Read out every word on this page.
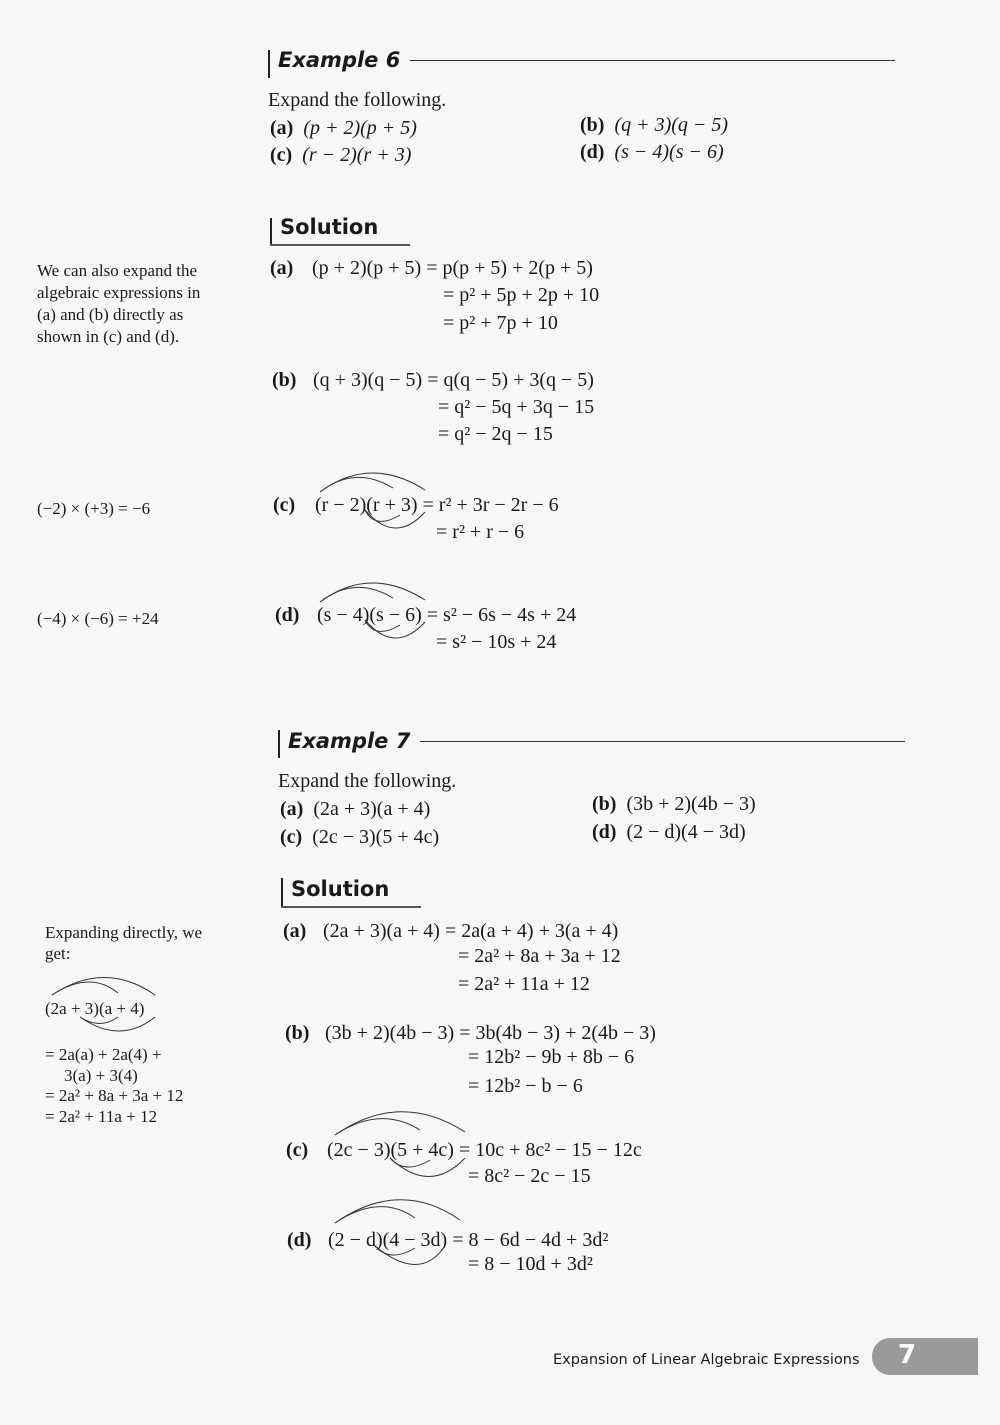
Example 6
Expand the following.
(a) (p + 2)(p + 5)	(b) (q + 3)(q − 5)
(c) (r − 2)(r + 3)	(d) (s − 4)(s − 6)
Solution
We can also expand the
algebraic expressions in
(a) and (b) directly as
shown in (c) and (d).
(a) (p + 2)(p + 5) = p(p + 5) + 2(p + 5)
= p² + 5p + 2p + 10
= p² + 7p + 10
(b) (q + 3)(q − 5) = q(q − 5) + 3(q − 5)
= q² − 5q + 3q − 15
= q² − 2q − 15
(−2) × (+3) = −6	(c) (r − 2)(r + 3) = r² + 3r − 2r − 6
= r² + r − 6
(−4) × (−6) = +24	(d) (s − 4)(s − 6) = s² − 6s − 4s + 24
= s² − 10s + 24
Example 7
Expand the following.
(a) (2a + 3)(a + 4)	(b) (3b + 2)(4b − 3)
(c) (2c − 3)(5 + 4c)	(d) (2 − d)(4 − 3d)
Solution
Expanding directly, we
get:
(2a + 3)(a + 4)
= 2a(a) + 2a(4) +
3(a) + 3(4)
= 2a² + 8a + 3a + 12
= 2a² + 11a + 12
(a) (2a + 3)(a + 4) = 2a(a + 4) + 3(a + 4)
= 2a² + 8a + 3a + 12
= 2a² + 11a + 12
(b) (3b + 2)(4b − 3) = 3b(4b − 3) + 2(4b − 3)
= 12b² − 9b + 8b − 6
= 12b² − b − 6
(c) (2c − 3)(5 + 4c) = 10c + 8c² − 15 − 12c
= 8c² − 2c − 15
(d) (2 − d)(4 − 3d) = 8 − 6d − 4d + 3d²
= 8 − 10d + 3d²
Expansion of Linear Algebraic Expressions 7
